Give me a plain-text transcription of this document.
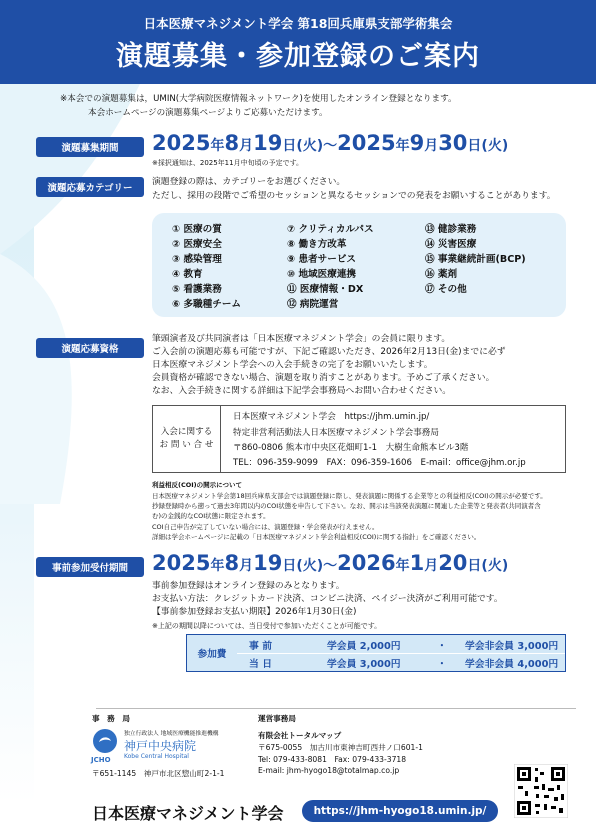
日本医療マネジメント学会 第18回兵庫県支部学術集会
演題募集・参加登録のご案内
※本会での演題募集は，UMIN(大学病院医療情報ネットワーク)を使用したオンライン登録となります。
本会ホームページの演題募集ページよりご応募いただけます。
演題募集期間	2025年8月19日(火)～2025年9月30日(火)
※採択通知は、2025年11月中旬頃の予定です。
演題応募カテゴリー
演題登録の際は、カテゴリーをお選びください。
ただし、採用の段階でご希望のセッションと異なるセッションでの発表をお願いすることがあります。
① 医療の質
② 医療安全
③ 感染管理
④ 教育
⑤ 看護業務
⑥ 多職種チーム
⑦ クリティカルパス
⑧ 働き方改革
⑨ 患者サービス
⑩ 地域医療連携
⑪ 医療情報・DX
⑫ 病院運営
⑬ 健診業務
⑭ 災害医療
⑮ 事業継続計画(BCP)
⑯ 薬剤
⑰ その他
演題応募資格
筆頭演者及び共同演者は「日本医療マネジメント学会」の会員に限ります。
ご入会前の演題応募も可能ですが、下記ご確認いただき、2026年2月13日(金)までに必ず
日本医療マネジメント学会への入会手続きの完了をお願いいたします。
会員資格が確認できない場合、演題を取り消すことがあります。予めご了承ください。
なお、入会手続きに関する詳細は下記学会事務局へお問い合わせください。
入会に関する
お 問 い 合 せ
日本医療マネジメント学会　https://jhm.umin.jp/
特定非営利活動法人日本医療マネジメント学会事務局
〒860-0806 熊本市中央区花畑町1-1　大樹生命熊本ビル3階
TEL：096-359-9099　FAX：096-359-1606　E-mail：office@jhm.or.jp
利益相反(COI)の開示について
日本医療マネジメント学会第18回兵庫県支部会では演題登録に際し、発表演題に関係する企業等との利益相反(COI)の開示が必要です。
抄録登録時から遡って過去3年間以内のCOI状態を申告して下さい。なお、開示は当該発表演題に関連した企業等と発表者(共同演者含
む)の金銭的なCOI状態に限定されます。
COI自己申告が完了していない場合には、演題登録・学会発表が行えません。
詳細は学会ホームページに記載の「日本医療マネジメント学会利益相反(COI)に関する指針」をご確認ください。
事前参加受付期間	2025年8月19日(火)～2026年1月20日(火)
事前参加登録はオンライン登録のみとなります。
お支払い方法：クレジットカード決済、コンビニ決済、ペイジー決済がご利用可能です。
【事前参加登録お支払い期限】2026年1月30日(金)
※上記の期間以降については、当日受付で参加いただくことが可能です。
参加費
事 前	学会員 2,000円	・ 学会非会員 3,000円
当 日	学会員 3,000円	・ 学会非会員 4,000円
事　務　局
JCHO
独立行政法人 地域医療機能推進機構
神戸中央病院
Kobe Central Hospital
〒651-1145　神戸市北区惣山町2-1-1
運営事務局
有限会社トータルマップ
〒675-0055　加古川市東神吉町西井ノ口601-1
Tel: 079-433-8081　Fax: 079-433-3718
E-mail: jhm-hyogo18@totalmap.co.jp
日本医療マネジメント学会	https://jhm-hyogo18.umin.jp/
